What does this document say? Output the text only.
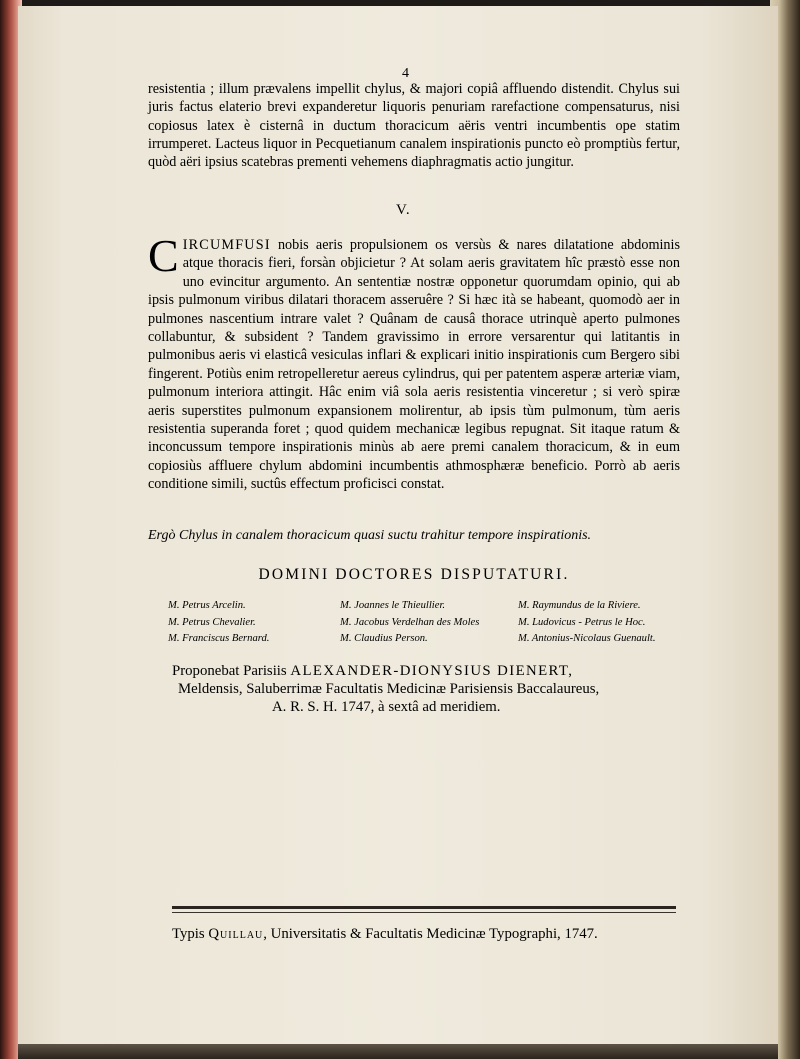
4

resistentia ; illum prævalens impellit chylus, & majori copiâ affluendo distendit. Chylus sui juris factus elaterio brevi expanderetur liquoris penuriam rarefactione compensaturus, nisi copiosus latex è cisternâ in ductum thoracicum aëris ventri incumbentis ope statim irrumperet. Lacteus liquor in Pecquetianum canalem inspirationis puncto eò promptiùs fertur, quòd aëri ipsius scatebras prementi vehemens diaphragmatis actio jungitur.

V.

CIRCUMFUSI nobis aeris propulsionem os versùs & nares dilatatione abdominis atque thoracis fieri, forsàn objicietur ? At solam aeris gravitatem hîc præstò esse non uno evincitur argumento. An sententiæ nostræ opponetur quorumdam opinio, qui ab ipsis pulmonum viribus dilatari thoracem asseruêre ? Si hæc ità se habeant, quomodò aer in pulmones nascentium intrare valet ? Quânam de causâ thorace utrinquè aperto pulmones collabuntur, & subsident ? Tandem gravissimo in errore versarentur qui latitantis in pulmonibus aeris vi elasticâ vesiculas inflari & explicari initio inspirationis cum Bergero sibi fingerent. Potiùs enim retropelleretur aereus cylindrus, qui per patentem asperæ arteriæ viam, pulmonum interiora attingit. Hâc enim viâ sola aeris resistentia vinceretur ; si verò spiræ aeris superstites pulmonum expansionem molirentur, ab ipsis tùm pulmonum, tùm aeris resistentia superanda foret ; quod quidem mechanicæ legibus repugnat. Sit itaque ratum & inconcussum tempore inspirationis minùs ab aere premi canalem thoracicum, & in eum copiosiùs affluere chylum abdomini incumbentis athmosphæræ beneficio. Porrò ab aeris conditione simili, suctûs effectum proficisci constat.

Ergò Chylus in canalem thoracicum quasi suctu trahitur tempore inspirationis.
DOMINI DOCTORES DISPUTATURI.
M. Petrus Arcelin.	M. Joannes le Thieullier.	M. Raymundus de la Riviere.
M. Petrus Chevalier.	M. Jacobus Verdelhan des Moles	M. Ludovicus - Petrus le Hoc.
M. Franciscus Bernard.	M. Claudius Person.	M. Antonius-Nicolaus Guenault.
Proponebat Parisiis ALEXANDER-DIONYSIUS DIENERT,
Meldensis, Saluberrimæ Facultatis Medicinæ Parisiensis Baccalaureus,
A. R. S. H. 1747, à sextâ ad meridiem.
Typis Quillau, Universitatis & Facultatis Medicinæ Typographi, 1747.
